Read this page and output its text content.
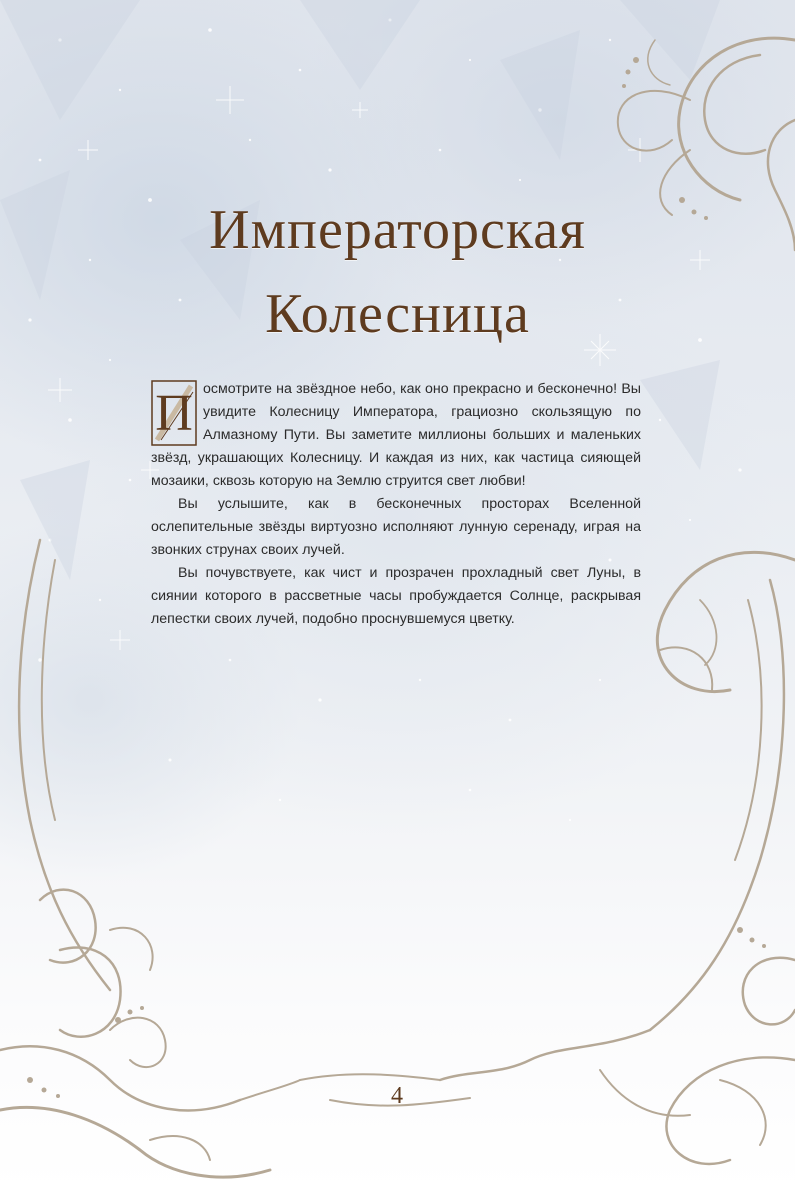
Императорская
Колесница

П осмотрите на звёздное небо, как оно прекрасно и бесконечно! Вы увидите Колесницу Императора, грациозно скользящую по Алмазному Пути. Вы заметите миллионы больших и маленьких звёзд, украшающих Колесницу. И каждая из них, как частица сияющей мозаики, сквозь которую на Землю струится свет любви!

Вы услышите, как в бесконечных просторах Вселенной ослепительные звёзды виртуозно исполняют лунную серенаду, играя на звонких струнах своих лучей.

Вы почувствуете, как чист и прозрачен прохладный свет Луны, в сиянии которого в рассветные часы пробуждается Солнце, раскрывая лепестки своих лучей, подобно проснувшемуся цветку.

4
